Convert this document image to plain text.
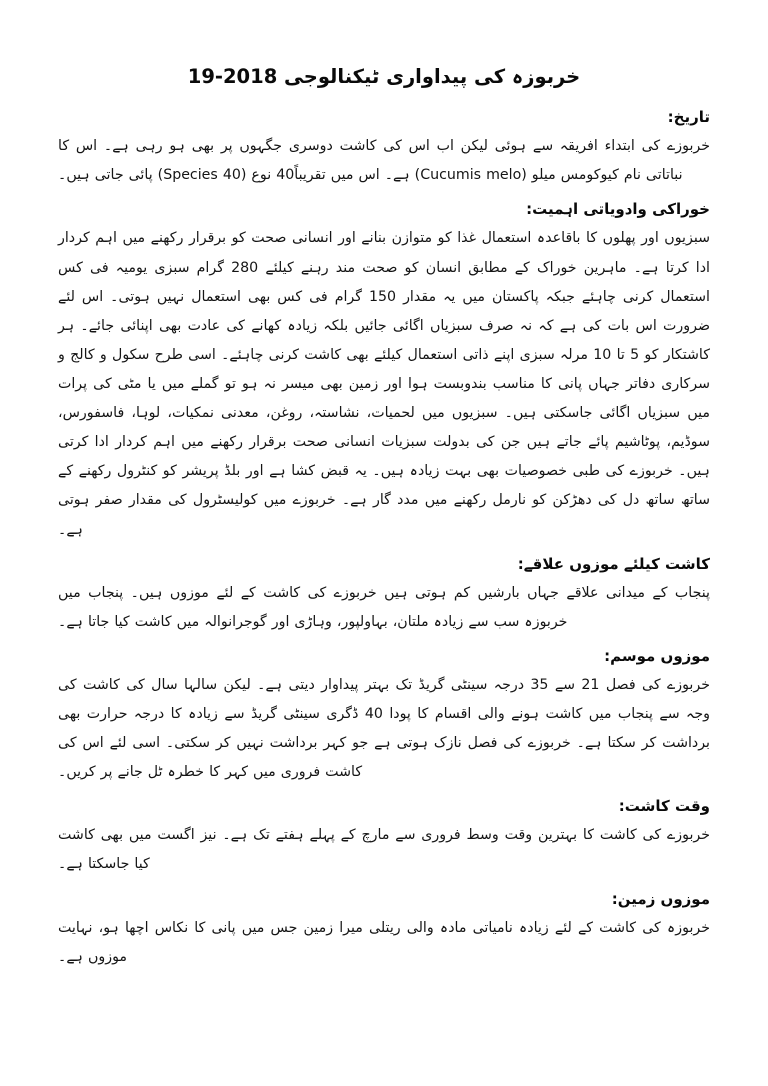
خربوزہ کی پیداواری ٹیکنالوجی 2018-19
تاریخ:

خربوزے کی ابتداء افریقہ سے ہوئی لیکن اب اس کی کاشت دوسری جگہوں پر بھی ہو رہی ہے۔ اس کا نباتاتی نام کیوکومس میلو (Cucumis melo) ہے۔ اس میں تقریباً40 نوع (40 Species) پائی جاتی ہیں۔

خوراکی وادویاتی اہمیت:

سبزیوں اور پھلوں کا باقاعدہ استعمال غذا کو متوازن بنانے اور انسانی صحت کو برقرار رکھنے میں اہم کردار ادا کرتا ہے۔ ماہرین خوراک کے مطابق انسان کو صحت مند رہنے کیلئے 280 گرام سبزی یومیہ فی کس استعمال کرنی چاہئے جبکہ پاکستان میں یہ مقدار 150 گرام فی کس بھی استعمال نہیں ہوتی۔ اس لئے ضرورت اس بات کی ہے کہ نہ صرف سبزیاں اگائی جائیں بلکہ زیادہ کھانے کی عادت بھی اپنائی جائے۔ ہر کاشتکار کو 5 تا 10 مرلہ سبزی اپنے ذاتی استعمال کیلئے بھی کاشت کرنی چاہئے۔ اسی طرح سکول و کالج و سرکاری دفاتر جہاں پانی کا مناسب بندوبست ہوا اور زمین بھی میسر نہ ہو تو گملے میں یا مٹی کی پرات میں سبزیاں اگائی جاسکتی ہیں۔ سبزیوں میں لحمیات، نشاستہ، روغن، معدنی نمکیات، لوہا، فاسفورس، سوڈیم، پوٹاشیم پائے جاتے ہیں جن کی بدولت سبزیات انسانی صحت برقرار رکھنے میں اہم کردار ادا کرتی ہیں۔ خربوزے کی طبی خصوصیات بھی بہت زیادہ ہیں۔ یہ قبض کشا ہے اور بلڈ پریشر کو کنٹرول رکھنے کے ساتھ ساتھ دل کی دھڑکن کو نارمل رکھنے میں مدد گار ہے۔ خربوزے میں کولیسٹرول کی مقدار صفر ہوتی ہے۔

کاشت کیلئے موزوں علاقے:

پنجاب کے میدانی علاقے جہاں بارشیں کم ہوتی ہیں خربوزے کی کاشت کے لئے موزوں ہیں۔ پنجاب میں خربوزہ سب سے زیادہ ملتان، بہاولپور، وہاڑی اور گوجرانوالہ میں کاشت کیا جاتا ہے۔

موزوں موسم:

خربوزے کی فصل 21 سے 35 درجہ سینٹی گریڈ تک بہتر پیداوار دیتی ہے۔ لیکن سالہا سال کی کاشت کی وجہ سے پنجاب میں کاشت ہونے والی اقسام کا پودا 40 ڈگری سینٹی گریڈ سے زیادہ کا درجہ حرارت بھی برداشت کر سکتا ہے۔ خربوزے کی فصل نازک ہوتی ہے جو کہر برداشت نہیں کر سکتی۔ اسی لئے اس کی کاشت فروری میں کہر کا خطرہ ٹل جانے پر کریں۔

وقت کاشت:

خربوزے کی کاشت کا بہترین وقت وسط فروری سے مارچ کے پہلے ہفتے تک ہے۔ نیز اگست میں بھی کاشت کیا جاسکتا ہے۔

موزوں زمین:

خربوزہ کی کاشت کے لئے زیادہ نامیاتی مادہ والی ریتلی میرا زمین جس میں پانی کا نکاس اچھا ہو، نہایت موزوں ہے۔
